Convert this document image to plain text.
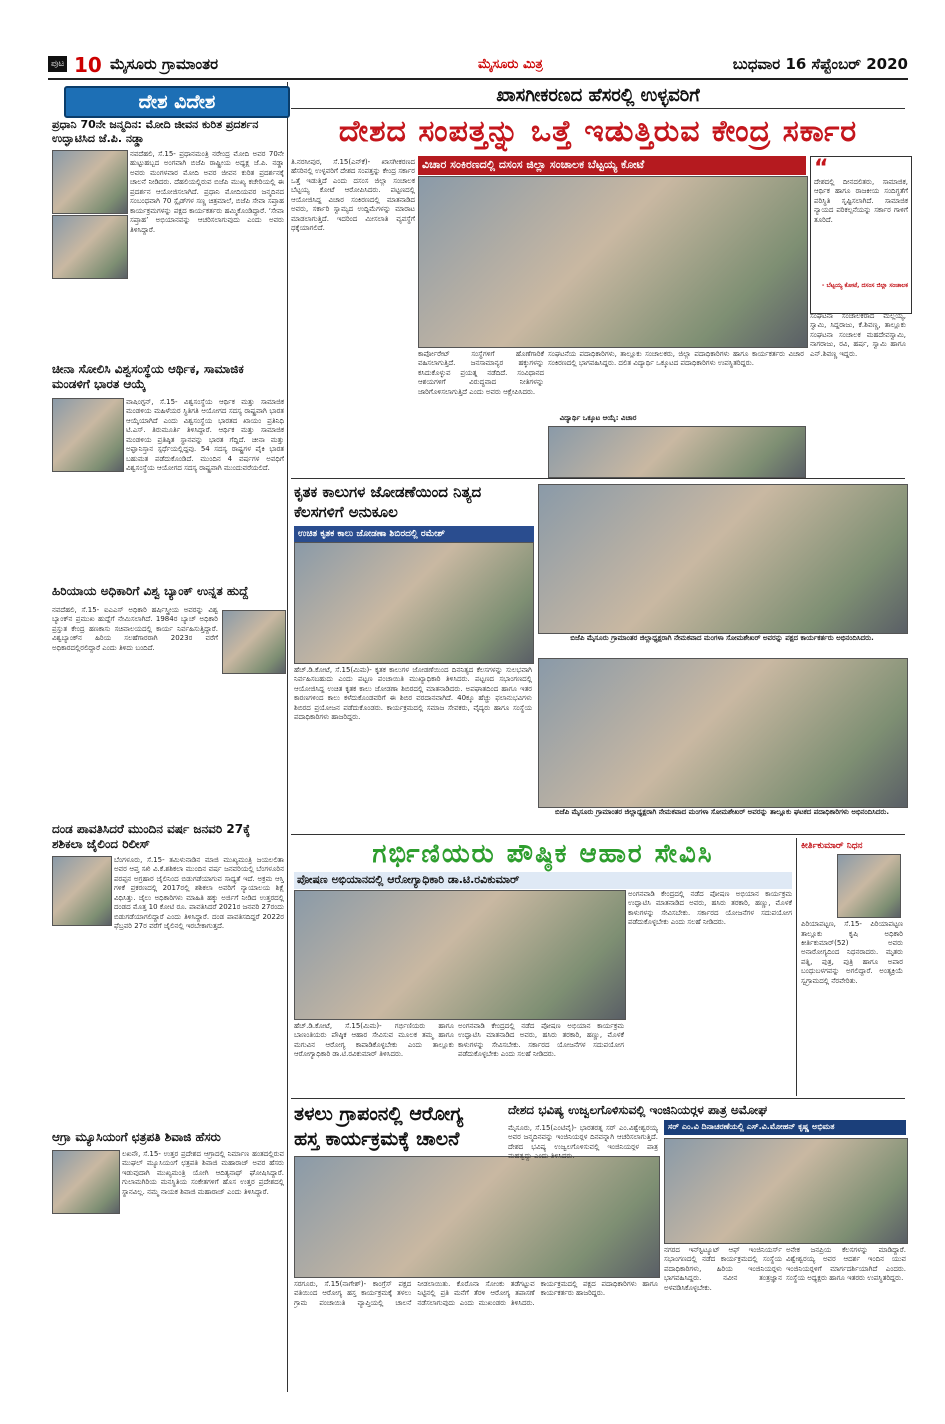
ಪುಟ 10 ಮೈಸೂರು ಗ್ರಾಮಾಂತರ	ಮೈಸೂರು ಮಿತ್ರ	ಬುಧವಾರ 16 ಸೆಪ್ಟೆಂಬರ್ 2020
ದೇಶ ವಿದೇಶ
ಪ್ರಧಾನಿ 70ನೇ ಜನ್ಮದಿನ: ಮೋದಿ ಜೀವನ ಕುರಿತ ಪ್ರದರ್ಶನ ಉದ್ಘಾಟಿಸಿದ ಜೆ.ಪಿ. ನಡ್ಡಾ
ನವದೆಹಲಿ, ಸೆ.15- ಪ್ರಧಾನಮಂತ್ರಿ ನರೇಂದ್ರ ಮೋದಿ ಅವರ 70ನೇ ಹುಟ್ಟುಹಬ್ಬದ ಅಂಗವಾಗಿ ಬಿಜೆಪಿ ರಾಷ್ಟ್ರೀಯ ಅಧ್ಯಕ್ಷ ಜೆ.ಪಿ. ನಡ್ಡಾ ಅವರು ಮಂಗಳವಾರ ಮೋದಿ ಅವರ ಜೀವನ ಕುರಿತ ಪ್ರದರ್ಶನಕ್ಕೆ ಚಾಲನೆ ನೀಡಿದರು. ದೆಹಲಿಯಲ್ಲಿರುವ ಬಿಜೆಪಿ ಮುಖ್ಯ ಕಚೇರಿಯಲ್ಲಿ ಈ ಪ್ರದರ್ಶನ ಆಯೋಜಿಸಲಾಗಿದೆ. ಪ್ರಧಾನಿ ಮೋದಿಯವರ ಜನ್ಮದಿನದ ಸಂಬಂಧವಾಗಿ 70 ಸ್ಲೈಡ್‍ಗಳ ಸಣ್ಣ ಚಿತ್ರಮಾಲೆ, ಬಿಜೆಪಿ ಸೇವಾ ಸಪ್ತಾಹ ಕಾರ್ಯಕ್ರಮಗಳನ್ನು ಪಕ್ಷದ ಕಾರ್ಯಕರ್ತರು ಹಮ್ಮಿಕೊಂಡಿದ್ದಾರೆ. ‘ಸೇವಾ ಸಪ್ತಾಹ’ ಅಭಿಯಾನವನ್ನು ಆಚರಿಸಲಾಗುವುದು ಎಂದು ಅವರು ತಿಳಿಸಿದ್ದಾರೆ.
ಚೀನಾ ಸೋಲಿಸಿ ವಿಶ್ವಸಂಸ್ಥೆಯ ಆರ್ಥಿಕ, ಸಾಮಾಜಿಕ ಮಂಡಳಿಗೆ ಭಾರತ ಆಯ್ಕೆ
ವಾಷಿಂಗ್ಟನ್, ಸೆ.15- ವಿಶ್ವಸಂಸ್ಥೆಯ ಆರ್ಥಿಕ ಮತ್ತು ಸಾಮಾಜಿಕ ಮಂಡಳಿಯ ಮಹಿಳೆಯರ ಸ್ಥಿತಿಗತಿ ಆಯೋಗದ ಸದಸ್ಯ ರಾಷ್ಟ್ರವಾಗಿ ಭಾರತ ಆಯ್ಕೆಯಾಗಿದೆ ಎಂದು ವಿಶ್ವಸಂಸ್ಥೆಯ ಭಾರತದ ಖಾಯಂ ಪ್ರತಿನಿಧಿ ಟಿ.ಎಸ್. ತಿರುಮೂರ್ತಿ ತಿಳಿಸಿದ್ದಾರೆ. ಆರ್ಥಿಕ ಮತ್ತು ಸಾಮಾಜಿಕ ಮಂಡಳಿಯ ಪ್ರತಿಷ್ಠಿತ ಸ್ಥಾನವನ್ನು ಭಾರತ ಗೆದ್ದಿದೆ. ಚೀನಾ ಮತ್ತು ಅಫ್ಘಾನಿಸ್ತಾನ ಸ್ಪರ್ಧೆಯಲ್ಲಿದ್ದವು. 54 ಸದಸ್ಯ ರಾಷ್ಟ್ರಗಳ ಪೈಕಿ ಭಾರತ ಬಹುಮತ ಪಡೆದುಕೊಂಡಿದೆ. ಮುಂದಿನ 4 ವರ್ಷಗಳ ಅವಧಿಗೆ ವಿಶ್ವಸಂಸ್ಥೆಯ ಆಯೋಗದ ಸದಸ್ಯ ರಾಷ್ಟ್ರವಾಗಿ ಮುಂದುವರೆಯಲಿದೆ.
ಹಿರಿಯಾಯ ಅಧಿಕಾರಿಗೆ ವಿಶ್ವ ಬ್ಯಾಂಕ್ ಉನ್ನತ ಹುದ್ದೆ
ನವದೆಹಲಿ, ಸೆ.15- ಐಎಎಸ್ ಅಧಿಕಾರಿ ಹರ್ಷಿಸ್ತ್ರೀಯ ಅವರನ್ನು ವಿಶ್ವ ಬ್ಯಾಂಕ್‍ನ ಪ್ರಮುಖ ಹುದ್ದೆಗೆ ನೇಮಿಸಲಾಗಿದೆ. 1984ರ ಬ್ಯಾಚ್ ಅಧಿಕಾರಿ ಪ್ರಸ್ತುತ ಕೇಂದ್ರ ಹಣಕಾಸು ಸಚಿವಾಲಯದಲ್ಲಿ ಕಾರ್ಯ ನಿರ್ವಹಿಸುತ್ತಿದ್ದಾರೆ. ವಿಶ್ವಬ್ಯಾಂಕ್‍ನ ಹಿರಿಯ ಸಲಹೆಗಾರರಾಗಿ 2023ರ ವರೆಗೆ ಅಧಿಕಾರದಲ್ಲಿರಲಿದ್ದಾರೆ ಎಂದು ತಿಳಿದು ಬಂದಿದೆ.
ದಂಡ ಪಾವತಿಸಿದರೆ ಮುಂದಿನ ವರ್ಷ ಜನವರಿ 27ಕ್ಕೆ ಶಶಿಕಲಾ ಜೈಲಿಂದ ರಿಲೀಸ್
ಬೆಂಗಳೂರು, ಸೆ.15- ತಮಿಳುನಾಡಿನ ಮಾಜಿ ಮುಖ್ಯಮಂತ್ರಿ ಜಯಲಲಿತಾ ಅವರ ಆಪ್ತ ಸಖಿ ವಿ.ಕೆ.ಶಶಿಕಲಾ ಮುಂದಿನ ವರ್ಷ ಜನವರಿಯಲ್ಲಿ ಬೆಂಗಳೂರಿನ ಪರಪ್ಪನ ಅಗ್ರಹಾರ ಜೈಲಿನಿಂದ ಬಿಡುಗಡೆಯಾಗುವ ಸಾಧ್ಯತೆ ಇದೆ. ಅಕ್ರಮ ಆಸ್ತಿ ಗಳಿಕೆ ಪ್ರಕರಣದಲ್ಲಿ 2017ರಲ್ಲಿ ಶಶಿಕಲಾ ಅವರಿಗೆ ನ್ಯಾಯಾಲಯ ಶಿಕ್ಷೆ ವಿಧಿಸಿತ್ತು. ಜೈಲು ಅಧಿಕಾರಿಗಳು ಮಾಹಿತಿ ಹಕ್ಕು ಅರ್ಜಿಗೆ ನೀಡಿದ ಉತ್ತರದಲ್ಲಿ ದಂಡದ ಮೊತ್ತ 10 ಕೋಟಿ ರೂ. ಪಾವತಿಸಿದರೆ 2021ರ ಜನವರಿ 27ರಂದು ಬಿಡುಗಡೆಯಾಗಲಿದ್ದಾರೆ ಎಂದು ತಿಳಿಸಿದ್ದಾರೆ. ದಂಡ ಪಾವತಿಸದಿದ್ದರೆ 2022ರ ಫೆಬ್ರವರಿ 27ರ ವರೆಗೆ ಜೈಲಿನಲ್ಲಿ ಇರಬೇಕಾಗುತ್ತದೆ.
ಆಗ್ರಾ ಮ್ಯೂಸಿಯಂಗೆ ಛತ್ರಪತಿ ಶಿವಾಜಿ ಹೆಸರು
ಲಖನೌ, ಸೆ.15- ಉತ್ತರ ಪ್ರದೇಶದ ಆಗ್ರಾದಲ್ಲಿ ನಿರ್ಮಾಣ ಹಂತದಲ್ಲಿರುವ ಮುಘಲ್ ಮ್ಯೂಸಿಯಂಗೆ ಛತ್ರಪತಿ ಶಿವಾಜಿ ಮಹಾರಾಜ್ ಅವರ ಹೆಸರು ಇಡುವುದಾಗಿ ಮುಖ್ಯಮಂತ್ರಿ ಯೋಗಿ ಆದಿತ್ಯನಾಥ್ ಘೋಷಿಸಿದ್ದಾರೆ. ಗುಲಾಮಗಿರಿಯ ಮನಸ್ಥಿತಿಯ ಸಂಕೇತಗಳಿಗೆ ಹೊಸ ಉತ್ತರ ಪ್ರದೇಶದಲ್ಲಿ ಸ್ಥಾನವಿಲ್ಲ. ನಮ್ಮ ನಾಯಕ ಶಿವಾಜಿ ಮಹಾರಾಜ್ ಎಂದು ತಿಳಿಸಿದ್ದಾರೆ.
ಖಾಸಗೀಕರಣದ ಹೆಸರಲ್ಲಿ ಉಳ್ಳವರಿಗೆ
ದೇಶದ ಸಂಪತ್ತನ್ನು ಒತ್ತೆ ಇಡುತ್ತಿರುವ ಕೇಂದ್ರ ಸರ್ಕಾರ
ತಿ.ನರಸೀಪುರ, ಸೆ.15(ಎನ್‍ಕೆ)- ಖಾಸಗೀಕರಣದ ಹೆಸರಿನಲ್ಲಿ ಉಳ್ಳವರಿಗೆ ದೇಶದ ಸಂಪತ್ತನ್ನು ಕೇಂದ್ರ ಸರ್ಕಾರ ಒತ್ತೆ ಇಡುತ್ತಿದೆ ಎಂದು ದಸಂಸ ಜಿಲ್ಲಾ ಸಂಚಾಲಕ ಬೆಟ್ಟಯ್ಯ ಕೋಟೆ ಆರೋಪಿಸಿದರು. ಪಟ್ಟಣದಲ್ಲಿ ಆಯೋಜಿಸಿದ್ದ ವಿಚಾರ ಸಂಕಿರಣದಲ್ಲಿ ಮಾತನಾಡಿದ ಅವರು, ಸರ್ಕಾರಿ ಸ್ವಾಮ್ಯದ ಉದ್ದಿಮೆಗಳನ್ನು ಮಾರಾಟ ಮಾಡಲಾಗುತ್ತಿದೆ. ಇದರಿಂದ ಮೀಸಲಾತಿ ವ್ಯವಸ್ಥೆಗೆ ಧಕ್ಕೆಯಾಗಲಿದೆ.
ವಿಚಾರ ಸಂಕಿರಣದಲ್ಲಿ ದಸಂಸ ಜಿಲ್ಲಾ ಸಂಚಾಲಕ ಬೆಟ್ಟಯ್ಯ ಕೋಟೆ
ಕಾರ್ಪೋರೇಟ್ ಸಂಸ್ಥೆಗಳಿಗೆ ಹೊಣೆಗಾರಿಕೆ ವಹಿಸಲಾಗುತ್ತಿದೆ. ಜನಸಾಮಾನ್ಯರ ಹಕ್ಕುಗಳನ್ನು ಕಸಿದುಕೊಳ್ಳುವ ಪ್ರಯತ್ನ ನಡೆದಿದೆ. ಸಂವಿಧಾನದ ಆಶಯಗಳಿಗೆ ವಿರುದ್ಧವಾದ ನೀತಿಗಳನ್ನು ಜಾರಿಗೊಳಿಸಲಾಗುತ್ತಿದೆ ಎಂದು ಅವರು ಆಕ್ಷೇಪಿಸಿದರು.
ಸಂಘಟನೆಯ ಪದಾಧಿಕಾರಿಗಳು, ತಾಲ್ಲೂಕು ಸಂಚಾಲಕರು, ಜಿಲ್ಲಾ ಪದಾಧಿಕಾರಿಗಳು ಹಾಗೂ ಕಾರ್ಯಕರ್ತರು ವಿಚಾರ ಸಂಕಿರಣದಲ್ಲಿ ಭಾಗವಹಿಸಿದ್ದರು. ದಲಿತ ವಿದ್ಯಾರ್ಥಿ ಒಕ್ಕೂಟದ ಪದಾಧಿಕಾರಿಗಳು ಉಪಸ್ಥಿತರಿದ್ದರು.
ವಿದ್ಯಾರ್ಥಿ ಒಕ್ಕೂಟ ಆಯ್ಕೆ: ವಿಚಾರ
“
ದೇಶದಲ್ಲಿ ದೀನದಲಿತರು, ಸಾಮಾಜಿಕ, ಆರ್ಥಿಕ ಹಾಗೂ ರಾಜಕೀಯ ಸಂದಿಗ್ಧತೆಗೆ ಪರಿಸ್ಥಿತಿ ಸೃಷ್ಟಿಸಲಾಗಿದೆ. ಸಾಮಾಜಿಕ ನ್ಯಾಯದ ಪರಿಕಲ್ಪನೆಯನ್ನು ಸರ್ಕಾರ ಗಾಳಿಗೆ ತೂರಿದೆ.
- ಬೆಟ್ಟಯ್ಯ ಕೋಟೆ, ದಸಂಸ ಜಿಲ್ಲಾ ಸಂಚಾಲಕ
ಸಂಘಟನಾ ಸಂಚಾಲಕರಾದ ಮಲ್ಲಯ್ಯ, ಸ್ವಾಮಿ, ಸಿದ್ದರಾಜು, ಕೆ.ಶಿವಣ್ಣ, ತಾಲ್ಲೂಕು ಸಂಘಟನಾ ಸಂಚಾಲಕ ಮಹದೇವಸ್ವಾಮಿ, ನಾಗರಾಜು, ರವಿ, ಹರ್ಷ, ಸ್ವಾಮಿ ಹಾಗೂ ಎನ್.ಶಿವಣ್ಣ ಇದ್ದರು.
ಕೃತಕ ಕಾಲುಗಳ ಜೋಡಣೆಯಿಂದ ನಿತ್ಯದ ಕೆಲಸಗಳಿಗೆ ಅನುಕೂಲ
ಉಚಿತ ಕೃತಕ ಕಾಲು ಜೋಡಣಾ ಶಿಬಿರದಲ್ಲಿ ರಮೇಶ್
ಹೆಚ್.ಡಿ.ಕೋಟೆ, ಸೆ.15(ಮಿಮ)- ಕೃತಕ ಕಾಲುಗಳ ಜೋಡಣೆಯಿಂದ ದಿನನಿತ್ಯದ ಕೆಲಸಗಳನ್ನು ಸುಲಭವಾಗಿ ನಿರ್ವಹಿಸಬಹುದು ಎಂದು ಪಟ್ಟಣ ಪಂಚಾಯಿತಿ ಮುಖ್ಯಾಧಿಕಾರಿ ತಿಳಿಸಿದರು. ಪಟ್ಟಣದ ಸಭಾಂಗಣದಲ್ಲಿ ಆಯೋಜಿಸಿದ್ದ ಉಚಿತ ಕೃತಕ ಕಾಲು ಜೋಡಣಾ ಶಿಬಿರದಲ್ಲಿ ಮಾತನಾಡಿದರು. ಅಪಘಾತದಿಂದ ಹಾಗೂ ಇತರ ಕಾರಣಗಳಿಂದ ಕಾಲು ಕಳೆದುಕೊಂಡವರಿಗೆ ಈ ಶಿಬಿರ ವರದಾನವಾಗಿದೆ. 40ಕ್ಕೂ ಹೆಚ್ಚು ಫಲಾನುಭವಿಗಳು ಶಿಬಿರದ ಪ್ರಯೋಜನ ಪಡೆದುಕೊಂಡರು. ಕಾರ್ಯಕ್ರಮದಲ್ಲಿ ಸಮಾಜ ಸೇವಕರು, ವೈದ್ಯರು ಹಾಗೂ ಸಂಸ್ಥೆಯ ಪದಾಧಿಕಾರಿಗಳು ಹಾಜರಿದ್ದರು.
ಬಿಜೆಪಿ ಮೈಸೂರು ಗ್ರಾಮಾಂತರ ಜಿಲ್ಲಾಧ್ಯಕ್ಷರಾಗಿ ನೇಮಕವಾದ ಮಂಗಳಾ ಸೋಮಶೇಖರ್ ಅವರನ್ನು ಪಕ್ಷದ ಕಾರ್ಯಕರ್ತರು ಅಭಿನಂದಿಸಿದರು.
ಬಿಜೆಪಿ ಮೈಸೂರು ಗ್ರಾಮಾಂತರ ಜಿಲ್ಲಾಧ್ಯಕ್ಷರಾಗಿ ನೇಮಕವಾದ ಮಂಗಳಾ ಸೋಮಶೇಖರ್ ಅವರನ್ನು ತಾಲ್ಲೂಕು ಘಟಕದ ಪದಾಧಿಕಾರಿಗಳು ಅಭಿನಂದಿಸಿದರು.
ಗರ್ಭಿಣಿಯರು ಪೌಷ್ಠಿಕ ಆಹಾರ ಸೇವಿಸಿ
ಪೋಷಣ ಅಭಿಯಾನದಲ್ಲಿ ಆರೋಗ್ಯಾಧಿಕಾರಿ ಡಾ.ಟಿ.ರವಿಕುಮಾರ್
ಹೆಚ್.ಡಿ.ಕೋಟೆ, ಸೆ.15(ಮಿಮ)- ಗರ್ಭಿಣಿಯರು ಹಾಗೂ ಬಾಣಂತಿಯರು ಪೌಷ್ಠಿಕ ಆಹಾರ ಸೇವಿಸುವ ಮೂಲಕ ತಮ್ಮ ಹಾಗೂ ಮಗುವಿನ ಆರೋಗ್ಯ ಕಾಪಾಡಿಕೊಳ್ಳಬೇಕು ಎಂದು ತಾಲ್ಲೂಕು ಆರೋಗ್ಯಾಧಿಕಾರಿ ಡಾ.ಟಿ.ರವಿಕುಮಾರ್ ತಿಳಿಸಿದರು.
ಅಂಗನವಾಡಿ ಕೇಂದ್ರದಲ್ಲಿ ನಡೆದ ಪೋಷಣ ಅಭಿಯಾನ ಕಾರ್ಯಕ್ರಮ ಉದ್ಘಾಟಿಸಿ ಮಾತನಾಡಿದ ಅವರು, ಹಸಿರು ತರಕಾರಿ, ಹಣ್ಣು, ಮೊಳಕೆ ಕಾಳುಗಳನ್ನು ಸೇವಿಸಬೇಕು. ಸರ್ಕಾರದ ಯೋಜನೆಗಳ ಸದುಪಯೋಗ ಪಡೆದುಕೊಳ್ಳಬೇಕು ಎಂದು ಸಲಹೆ ನೀಡಿದರು.
ಅಂಗನವಾಡಿ ಕೇಂದ್ರದಲ್ಲಿ ನಡೆದ ಪೋಷಣ ಅಭಿಯಾನ ಕಾರ್ಯಕ್ರಮ ಉದ್ಘಾಟಿಸಿ ಮಾತನಾಡಿದ ಅವರು, ಹಸಿರು ತರಕಾರಿ, ಹಣ್ಣು, ಮೊಳಕೆ ಕಾಳುಗಳನ್ನು ಸೇವಿಸಬೇಕು. ಸರ್ಕಾರದ ಯೋಜನೆಗಳ ಸದುಪಯೋಗ ಪಡೆದುಕೊಳ್ಳಬೇಕು ಎಂದು ಸಲಹೆ ನೀಡಿದರು.
ಕೀರ್ತಿಕುಮಾರ್ ನಿಧನ
ಪಿರಿಯಾಪಟ್ಟಣ, ಸೆ.15- ಪಿರಿಯಾಪಟ್ಟಣ ತಾಲ್ಲೂಕು ಕೃಷಿ ಅಧಿಕಾರಿ ಕೀರ್ತಿಕುಮಾರ್(52) ಅವರು ಅನಾರೋಗ್ಯದಿಂದ ನಿಧನರಾದರು. ಮೃತರು ಪತ್ನಿ, ಪುತ್ರ, ಪುತ್ರಿ ಹಾಗೂ ಅಪಾರ ಬಂಧುಬಳಗವನ್ನು ಅಗಲಿದ್ದಾರೆ. ಅಂತ್ಯಕ್ರಿಯೆ ಸ್ವಗ್ರಾಮದಲ್ಲಿ ನೆರವೇರಿತು.
ತಳಲು ಗ್ರಾಪಂನಲ್ಲಿ ಆರೋಗ್ಯ ಹಸ್ತ ಕಾರ್ಯಕ್ರಮಕ್ಕೆ ಚಾಲನೆ
ಸರಗೂರು, ಸೆ.15(ನಾಗೇಶ್)- ಕಾಂಗ್ರೆಸ್ ಪಕ್ಷದ ವತಿಯಿಂದ ಆರೋಗ್ಯ ಹಸ್ತ ಕಾರ್ಯಕ್ರಮಕ್ಕೆ ತಳಲು ಗ್ರಾಮ ಪಂಚಾಯಿತಿ ವ್ಯಾಪ್ತಿಯಲ್ಲಿ ಚಾಲನೆ ನೀಡಲಾಯಿತು. ಕೊರೊನಾ ಸೋಂಕು ತಡೆಗಟ್ಟುವ ನಿಟ್ಟಿನಲ್ಲಿ ಪ್ರತಿ ಮನೆಗೆ ತೆರಳಿ ಆರೋಗ್ಯ ತಪಾಸಣೆ ನಡೆಸಲಾಗುವುದು ಎಂದು ಮುಖಂಡರು ತಿಳಿಸಿದರು. ಕಾರ್ಯಕ್ರಮದಲ್ಲಿ ಪಕ್ಷದ ಪದಾಧಿಕಾರಿಗಳು ಹಾಗೂ ಕಾರ್ಯಕರ್ತರು ಹಾಜರಿದ್ದರು.
ದೇಶದ ಭವಿಷ್ಯ ಉಜ್ವಲಗೊಳಿಸುವಲ್ಲಿ ಇಂಜಿನಿಯರ್‍ಗಳ ಪಾತ್ರ ಅಮೋಘ
ಸರ್ ಎಂ.ವಿ ದಿನಾಚರಣೆಯಲ್ಲಿ ಎಸ್.ವಿ.ಮೋಹನ್ ಕೃಷ್ಣ ಅಭಿಮತ
ಮೈಸೂರು, ಸೆ.15(ಎಂಟಿವೈ)- ಭಾರತರತ್ನ ಸರ್ ಎಂ.ವಿಶ್ವೇಶ್ವರಯ್ಯ ಅವರ ಜನ್ಮದಿನವನ್ನು ಇಂಜಿನಿಯರ್‍ಗಳ ದಿನವನ್ನಾಗಿ ಆಚರಿಸಲಾಗುತ್ತಿದೆ. ದೇಶದ ಭವಿಷ್ಯ ಉಜ್ವಲಗೊಳಿಸುವಲ್ಲಿ ಇಂಜಿನಿಯರ್‍ಗಳ ಪಾತ್ರ ಮಹತ್ವದ್ದು ಎಂದು ತಿಳಿಸಿದರು.
ನಗರದ ಇನ್‍ಸ್ಟಿಟ್ಯೂಟ್ ಆಫ್ ಇಂಜಿನಿಯರ್ಸ್ ಸಭಾಂಗಣದಲ್ಲಿ ನಡೆದ ಕಾರ್ಯಕ್ರಮದಲ್ಲಿ ಸಂಸ್ಥೆಯ ಪದಾಧಿಕಾರಿಗಳು, ಹಿರಿಯ ಇಂಜಿನಿಯರ್‍ಗಳು ಭಾಗವಹಿಸಿದ್ದರು. ನವೀನ ತಂತ್ರಜ್ಞಾನ ಅಳವಡಿಸಿಕೊಳ್ಳಬೇಕು.
ಅನೇಕ ಜನಪ್ರಿಯ ಕೆಲಸಗಳನ್ನು ಮಾಡಿದ್ದಾರೆ. ವಿಶ್ವೇಶ್ವರಯ್ಯ ಅವರ ಆದರ್ಶ ಇಂದಿನ ಯುವ ಇಂಜಿನಿಯರ್‍ಗಳಿಗೆ ಮಾರ್ಗದರ್ಶಿಯಾಗಿದೆ ಎಂದರು. ಸಂಸ್ಥೆಯ ಅಧ್ಯಕ್ಷರು ಹಾಗೂ ಇತರರು ಉಪಸ್ಥಿತರಿದ್ದರು.
